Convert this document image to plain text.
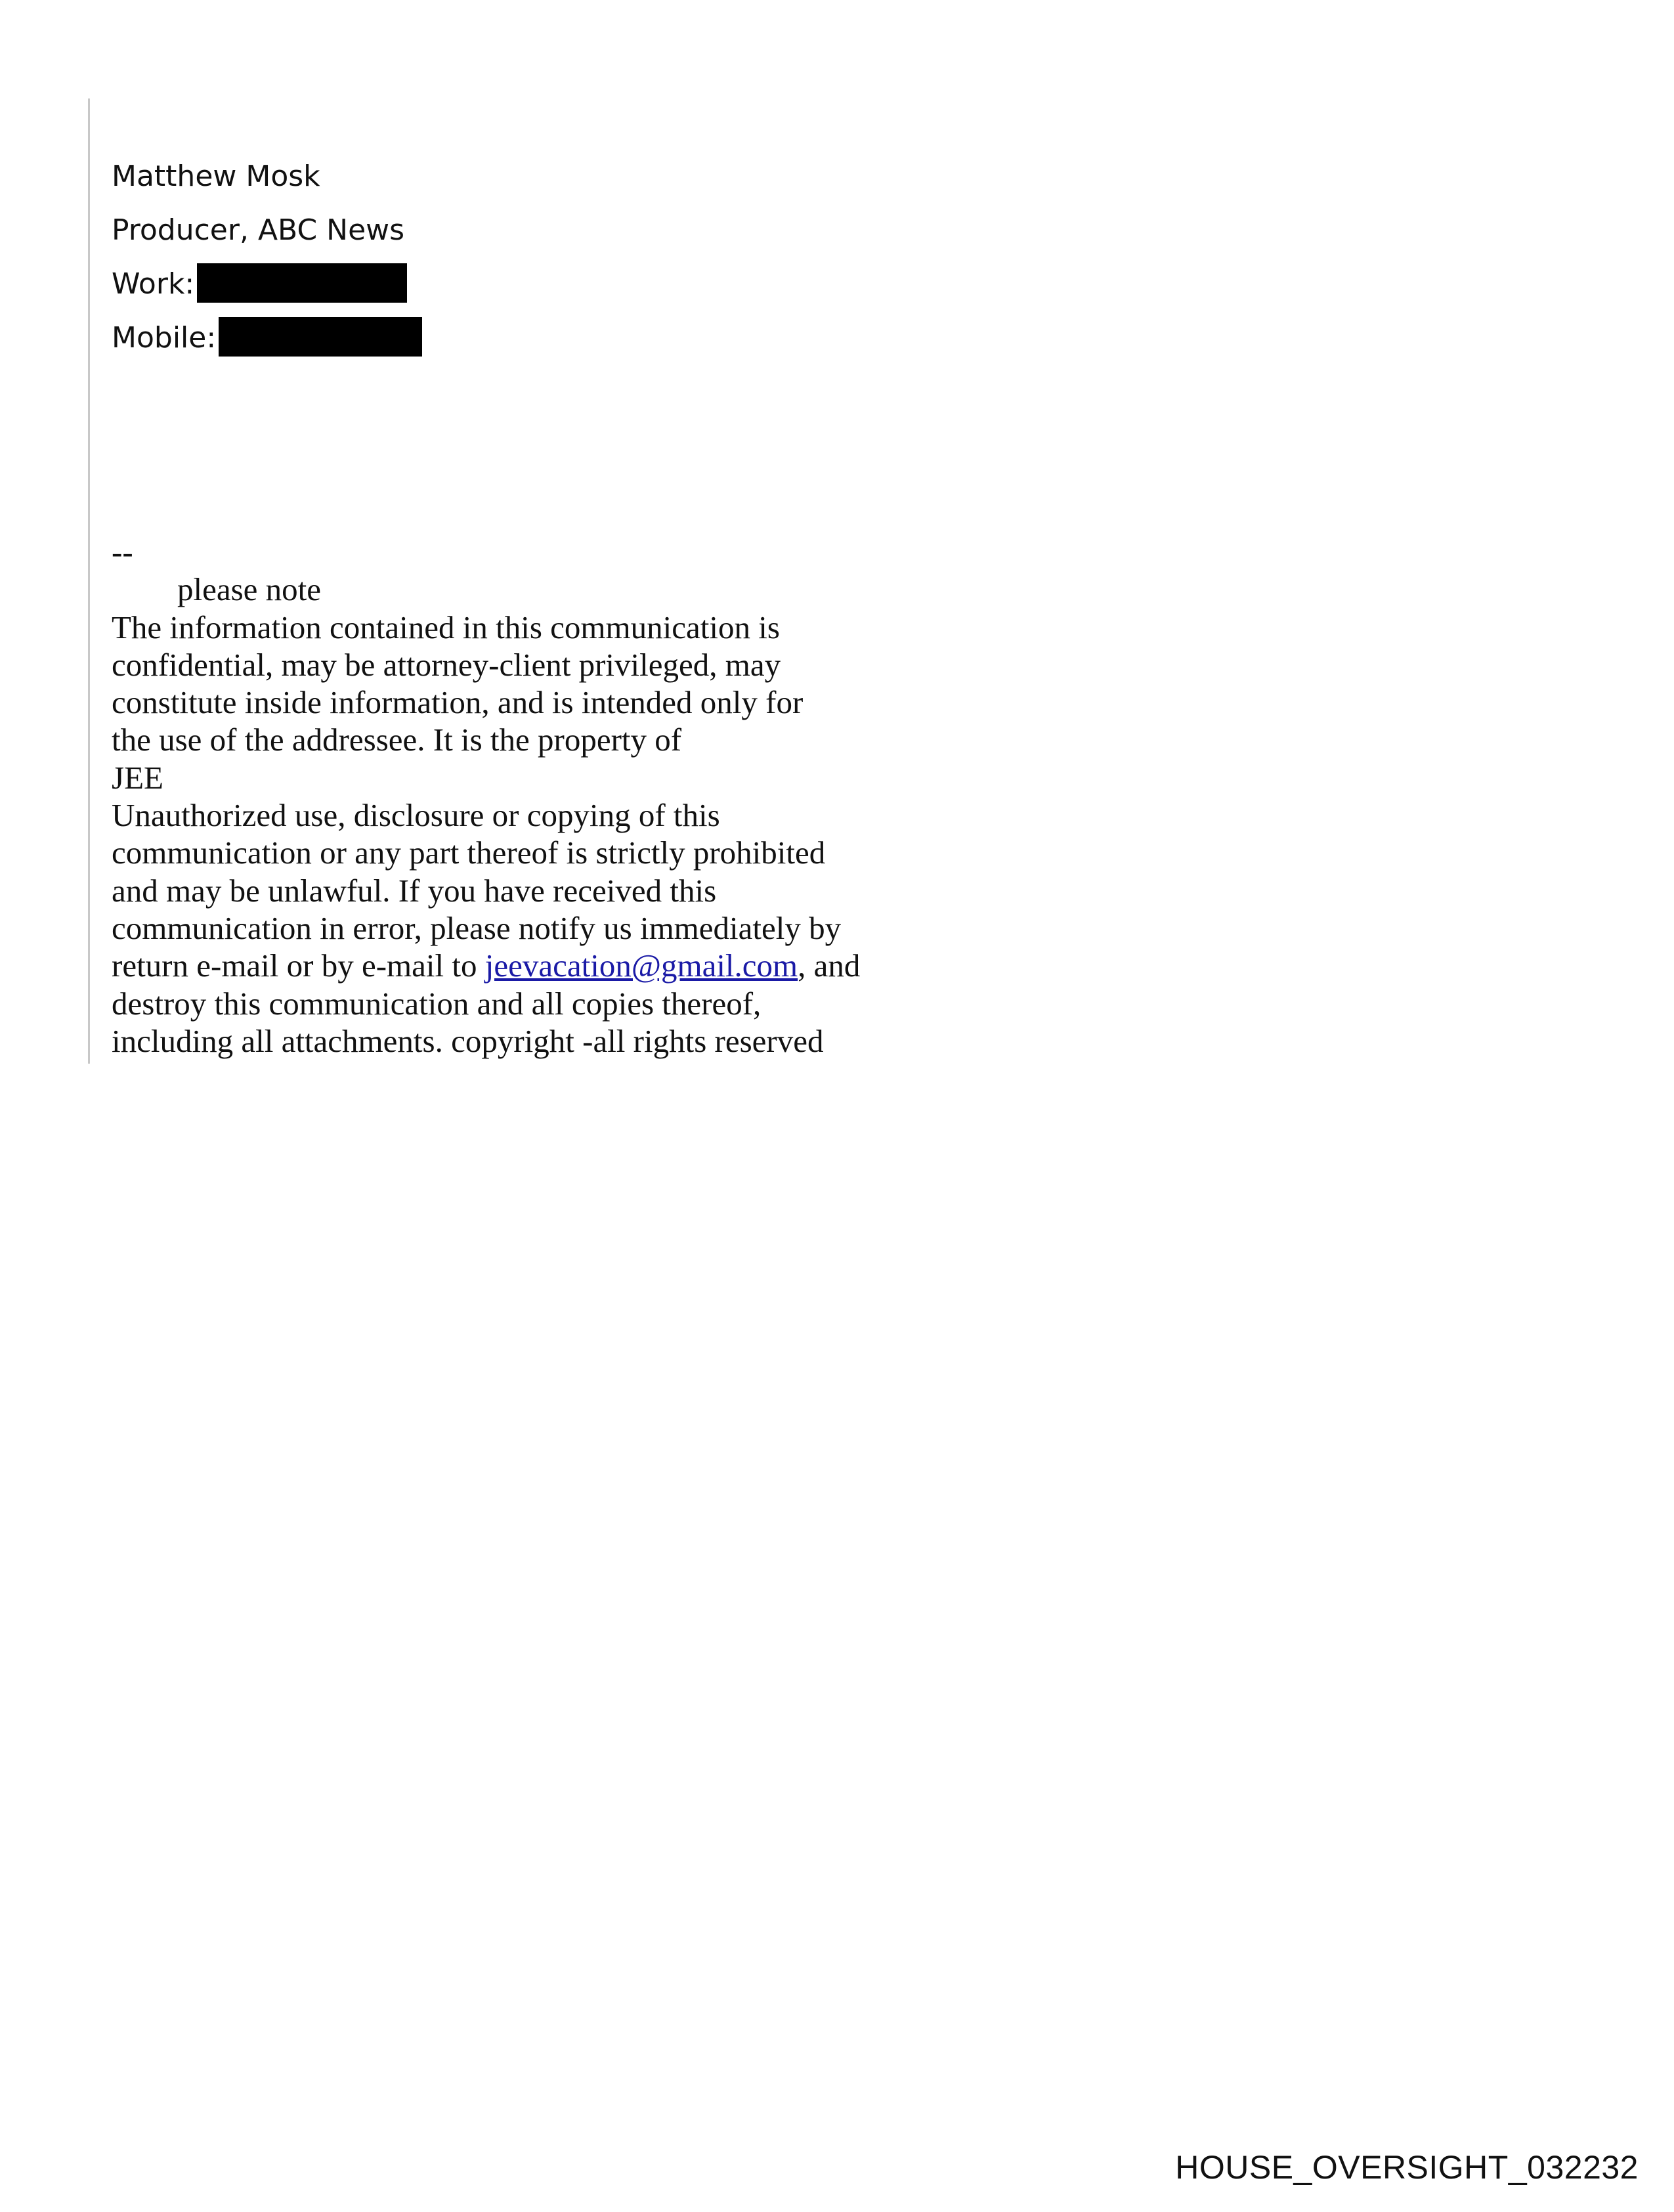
Matthew Mosk
Producer, ABC News
Work:
Mobile:
--
please note
The information contained in this communication is
confidential, may be attorney-client privileged, may
constitute inside information, and is intended only for
the use of the addressee. It is the property of
JEE
Unauthorized use, disclosure or copying of this
communication or any part thereof is strictly prohibited
and may be unlawful. If you have received this
communication in error, please notify us immediately by
return e-mail or by e-mail to jeevacation@gmail.com, and
destroy this communication and all copies thereof,
including all attachments. copyright -all rights reserved
HOUSE_OVERSIGHT_032232
